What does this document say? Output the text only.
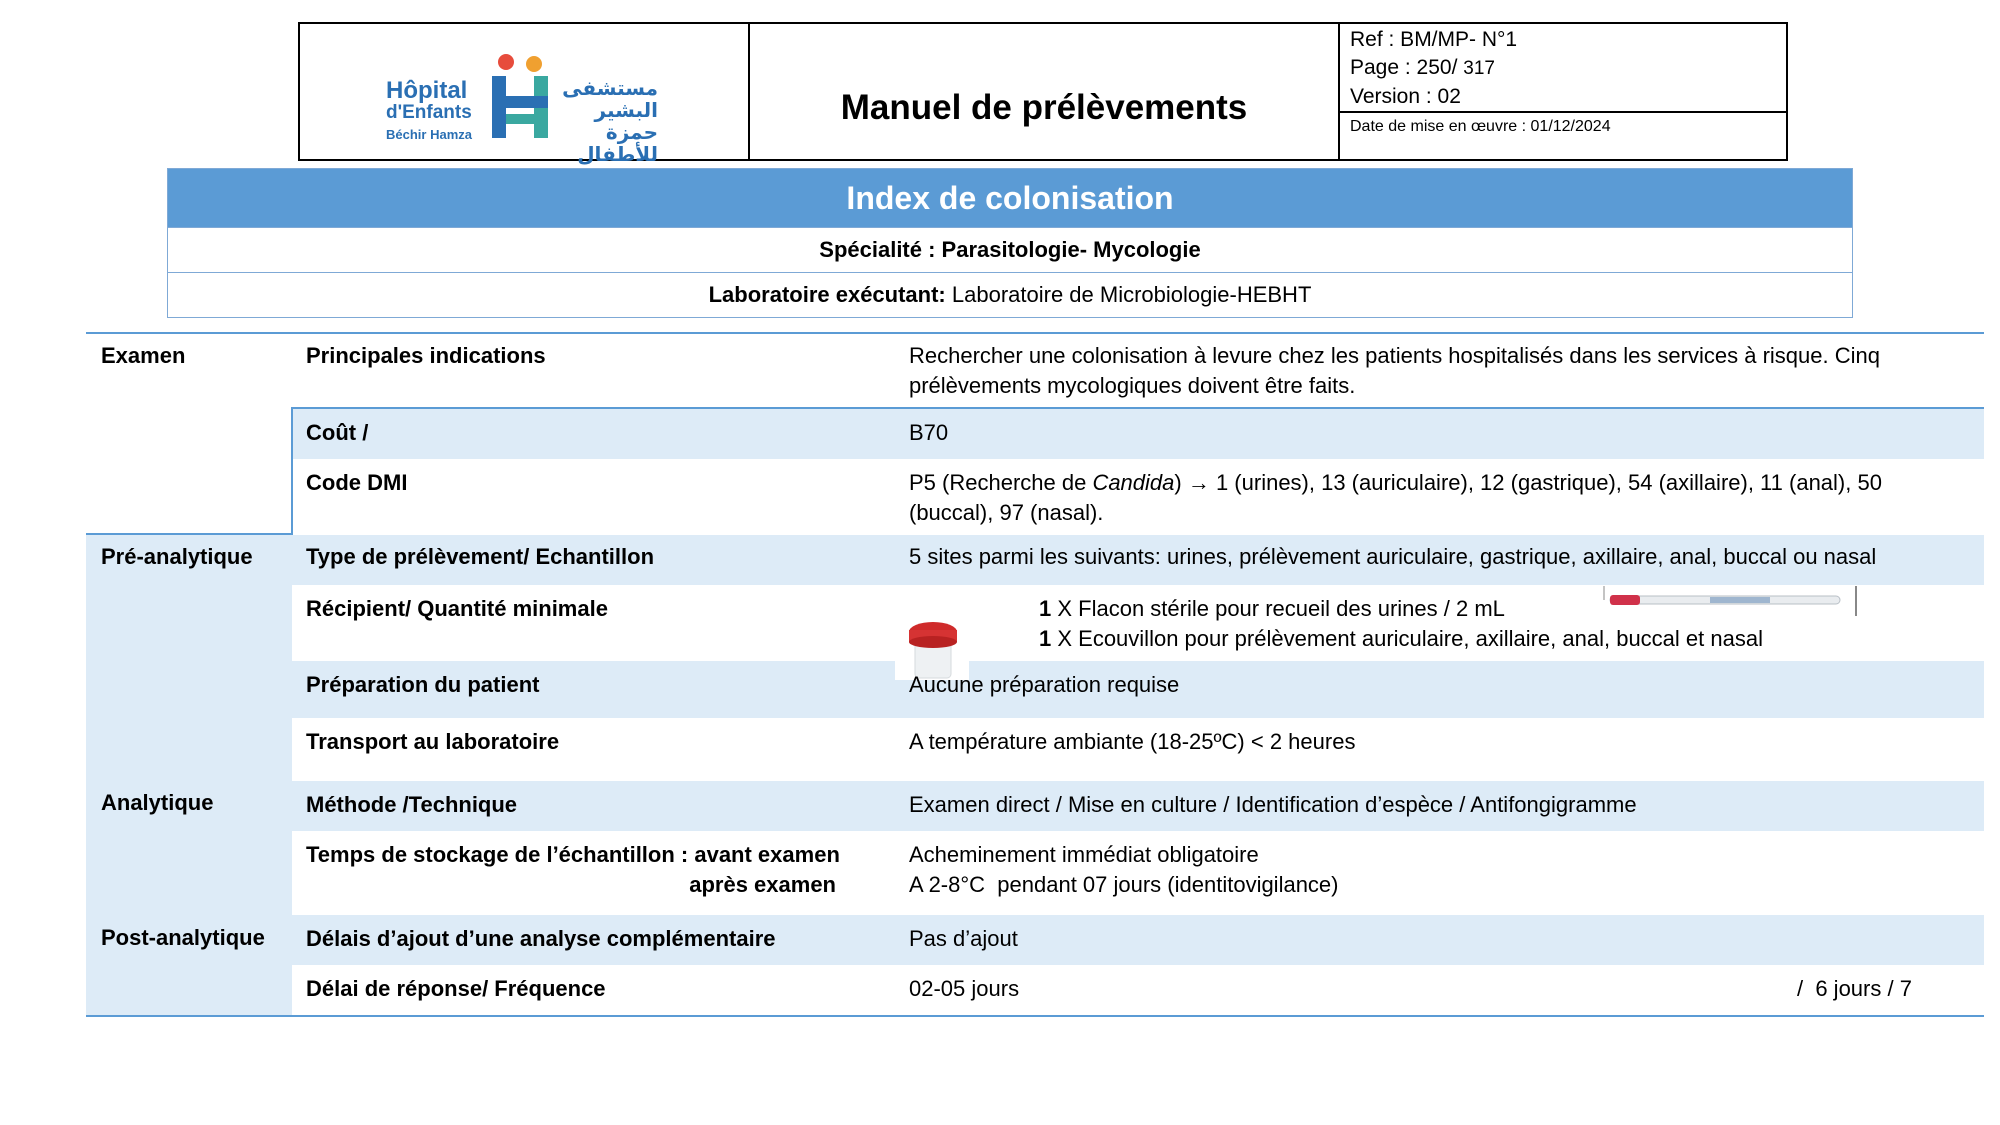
Hôpital
d'Enfants
Béchir Hamza
مستشفى
البشير حمزة
للأطفال
Manuel de prélèvements
Ref : BM/MP- N°1
Page : 250/ 317
Version : 02
Date de mise en œuvre : 01/12/2024
Index de colonisation
Spécialité : Parasitologie- Mycologie
Laboratoire exécutant: Laboratoire de Microbiologie-HEBHT
Examen
Pré-analytique
Analytique
Post-analytique
Principales indications
Coût /
Code DMI
Type de prélèvement/ Echantillon
Récipient/ Quantité minimale
Préparation du patient
Transport au laboratoire
Méthode /Technique
Temps de stockage de l’échantillon : avant examen
après examen
Délais d’ajout d’une analyse complémentaire
Délai de réponse/ Fréquence
Rechercher une colonisation à levure chez les patients hospitalisés dans les services à risque. Cinq
prélèvements mycologiques doivent être faits.
B70
P5 (Recherche de Candida) → 1 (urines), 13 (auriculaire), 12 (gastrique), 54 (axillaire), 11 (anal), 50
(buccal), 97 (nasal).
5 sites parmi les suivants: urines, prélèvement auriculaire, gastrique, axillaire, anal, buccal ou nasal
1 X Flacon stérile pour recueil des urines / 2 mL
1 X Ecouvillon pour prélèvement auriculaire, axillaire, anal, buccal et nasal
Aucune préparation requise
A température ambiante (18-25ºC) < 2 heures
Examen direct / Mise en culture / Identification d’espèce / Antifongigramme
Acheminement immédiat obligatoire
A 2-8°C  pendant 07 jours (identitovigilance)
Pas d’ajout
02-05 jours	/  6 jours / 7
